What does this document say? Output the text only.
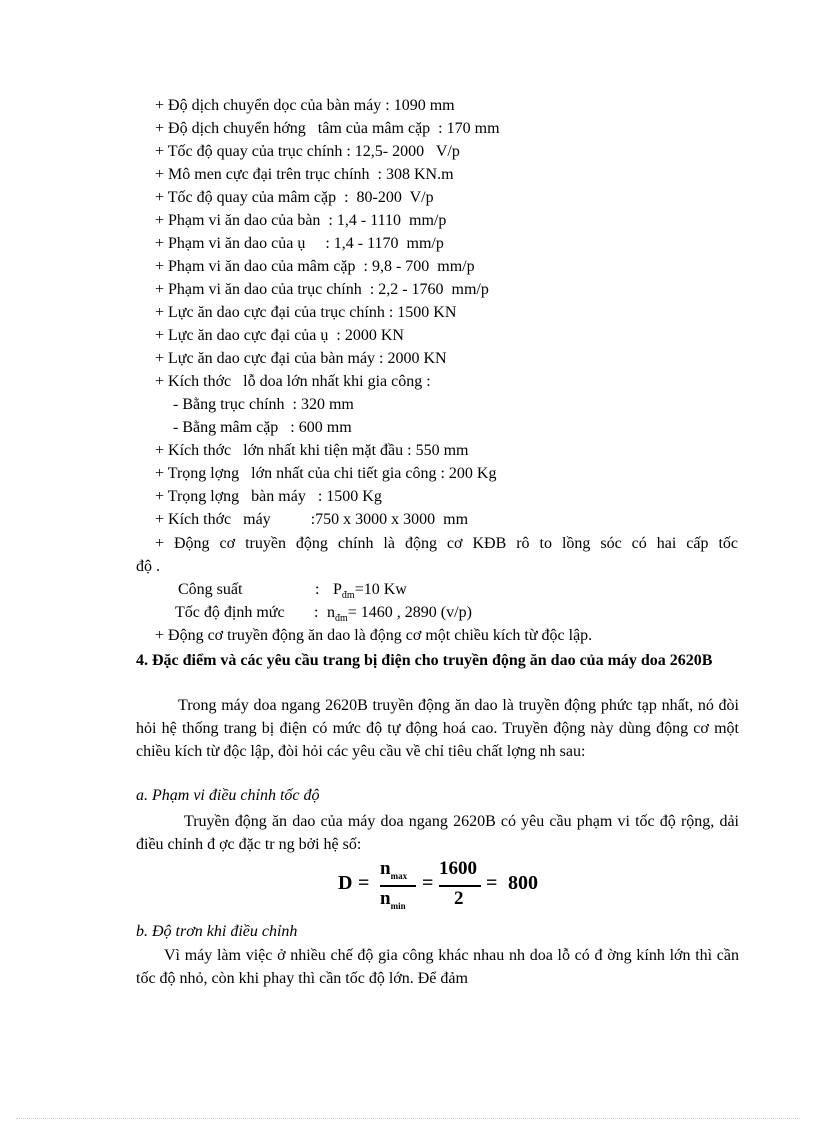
+ Độ dịch chuyển dọc của bàn máy : 1090 mm
+ Độ dịch chuyển hớng   tâm của mâm cặp  : 170 mm
+ Tốc độ quay của trục chính : 12,5- 2000   V/p
+ Mô men cực đại trên trục chính  : 308 KN.m
+ Tốc độ quay của mâm cặp  :  80-200  V/p
+ Phạm vi ăn dao của bàn  : 1,4 - 1110  mm/p
+ Phạm vi ăn dao của ụ     : 1,4 - 1170  mm/p
+ Phạm vi ăn dao của mâm cặp  : 9,8 - 700  mm/p
+ Phạm vi ăn dao của trục chính  : 2,2 - 1760  mm/p
+ Lực ăn dao cực đại của trục chính : 1500 KN
+ Lực ăn dao cực đại của ụ  : 2000 KN
+ Lực ăn dao cực đại của bàn máy : 2000 KN
+ Kích thớc   lỗ doa lớn nhất khi gia công :
- Bằng trục chính  : 320 mm
- Bằng mâm cặp   : 600 mm
+ Kích thớc   lớn nhất khi tiện mặt đầu : 550 mm
+ Trọng lợng   lớn nhất của chi tiết gia công : 200 Kg
+ Trọng lợng   bàn máy   : 1500 Kg
+ Kích thớc   máy          :750 x 3000 x 3000  mm
+ Động cơ truyền động chính là động cơ KĐB rô to lồng sóc có hai cấp tốc
độ .
Công suất	: $P_{đm}=10$ Kw
Tốc độ định mức : $n_{đm}= 1460$ , 2890 (v/p)
+ Động cơ truyền động ăn dao là động cơ một chiều kích từ độc lập.
4. Đặc điểm và các yêu cầu trang bị điện cho truyền động ăn dao của máy doa 2620B
Trong máy doa ngang 2620B truyền động ăn dao là truyền động phức tạp nhất, nó đòi hỏi hệ thống trang bị điện có mức độ tự động hoá cao. Truyền động này dùng động cơ một chiều kích từ độc lập, đòi hỏi các yêu cầu về chỉ tiêu chất lợng nh sau:
a. Phạm vi điều chỉnh tốc độ
Truyền động ăn dao của máy doa ngang 2620B có yêu cầu phạm vi tốc độ rộng, dải điều chỉnh đ ợc đặc tr ng bởi hệ số:
D =
$n_{max}$
$n_{min}$
=
1600
2
= 800
b. Độ trơn khi điều chỉnh
Vì máy làm việc ở nhiều chế độ gia công khác nhau nh doa lỗ có đ ờng kính lớn thì cần tốc độ nhỏ, còn khi phay thì cần tốc độ lớn. Để đảm
